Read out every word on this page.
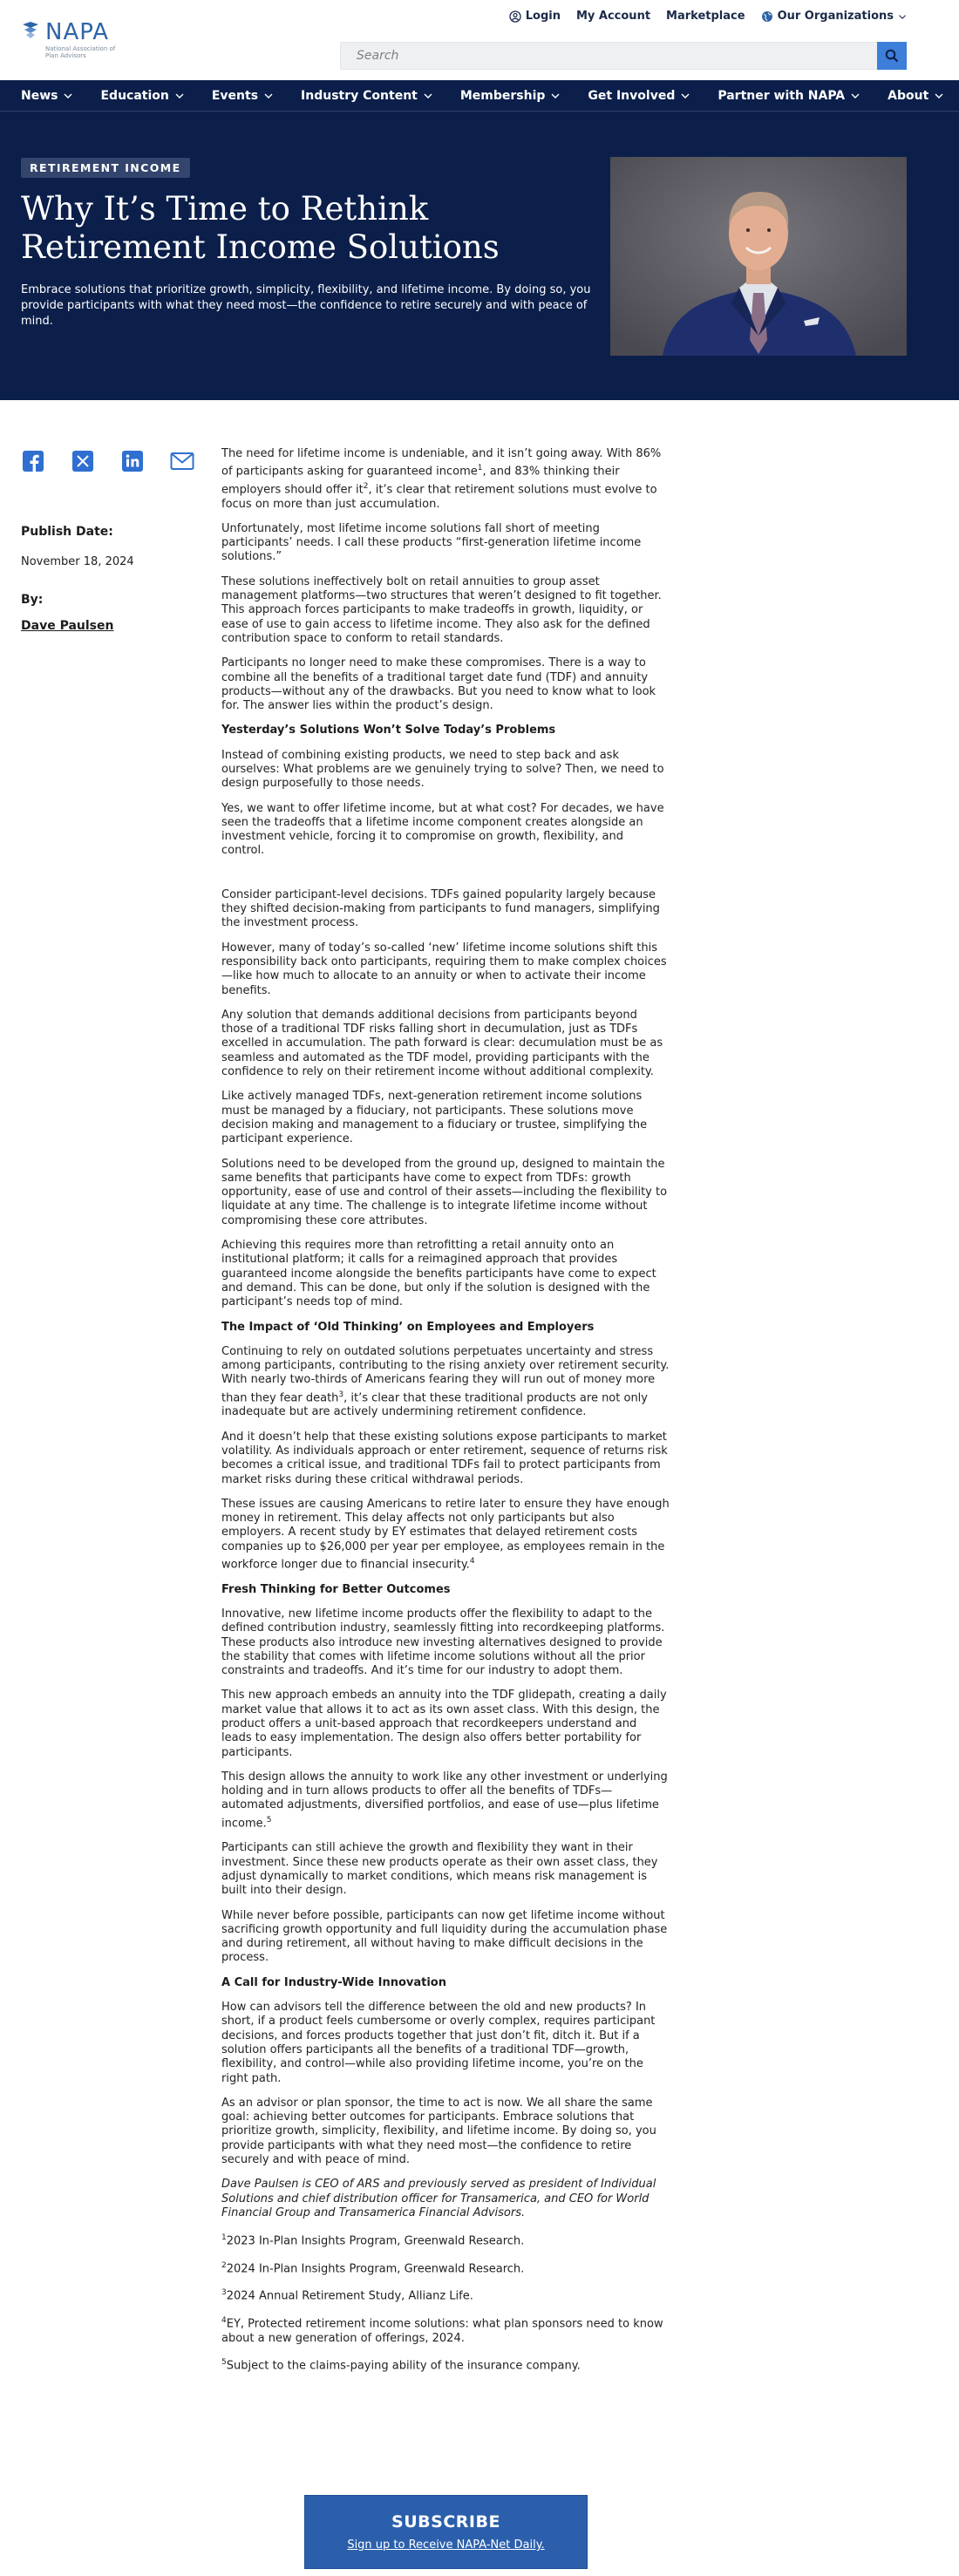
NAPA
National Association of Plan Advisors
Login My Account Marketplace	Our Organizations
Search
News	Education	Events	Industry Content	Membership	Get Involved	Partner with NAPA	About
RETIREMENT INCOME
Why It’s Time to Rethink Retirement Income Solutions

Embrace solutions that prioritize growth, simplicity, flexibility, and lifetime income. By doing so, you provide participants with what they need most—the confidence to retire securely and with peace of mind.

Publish Date:
November 18, 2024
By:
Dave Paulsen

The need for lifetime income is undeniable, and it isn’t going away. With 86% of participants asking for guaranteed income$^1$, and 83% thinking their employers should offer $it^2$, it’s clear that retirement solutions must evolve to focus on more than just accumulation.

Unfortunately, most lifetime income solutions fall short of meeting participants’ needs. I call these products “first-generation lifetime income solutions.”

These solutions ineffectively bolt on retail annuities to group asset management platforms—two structures that weren’t designed to fit together. This approach forces participants to make tradeoffs in growth, liquidity, or ease of use to gain access to lifetime income. They also ask for the defined contribution space to conform to retail standards.

Participants no longer need to make these compromises. There is a way to combine all the benefits of a traditional target date fund (TDF) and annuity products—without any of the drawbacks. But you need to know what to look for. The answer lies within the product’s design.

Yesterday’s Solutions Won’t Solve Today’s Problems

Instead of combining existing products, we need to step back and ask ourselves: What problems are we genuinely trying to solve? Then, we need to design purposefully to those needs.

Yes, we want to offer lifetime income, but at what cost? For decades, we have seen the tradeoffs that a lifetime income component creates alongside an investment vehicle, forcing it to compromise on growth, flexibility, and control.

Consider participant-level decisions. TDFs gained popularity largely because they shifted decision-making from participants to fund managers, simplifying the investment process.

However, many of today’s so-called ‘new’ lifetime income solutions shift this responsibility back onto participants, requiring them to make complex choices—like how much to allocate to an annuity or when to activate their income benefits.

Any solution that demands additional decisions from participants beyond those of a traditional TDF risks falling short in decumulation, just as TDFs excelled in accumulation. The path forward is clear: decumulation must be as seamless and automated as the TDF model, providing participants with the confidence to rely on their retirement income without additional complexity.

Like actively managed TDFs, next-generation retirement income solutions must be managed by a fiduciary, not participants. These solutions move decision making and management to a fiduciary or trustee, simplifying the participant experience.

Solutions need to be developed from the ground up, designed to maintain the same benefits that participants have come to expect from TDFs: growth opportunity, ease of use and control of their assets—including the flexibility to liquidate at any time. The challenge is to integrate lifetime income without compromising these core attributes.

Achieving this requires more than retrofitting a retail annuity onto an institutional platform; it calls for a reimagined approach that provides guaranteed income alongside the benefits participants have come to expect and demand. This can be done, but only if the solution is designed with the participant’s needs top of mind.

The Impact of ‘Old Thinking’ on Employees and Employers

Continuing to rely on outdated solutions perpetuates uncertainty and stress among participants, contributing to the rising anxiety over retirement security. With nearly two-thirds of Americans fearing they will run out of money more than they fear death$^3$, it’s clear that these traditional products are not only inadequate but are actively undermining retirement confidence.

And it doesn’t help that these existing solutions expose participants to market volatility. As individuals approach or enter retirement, sequence of returns risk becomes a critical issue, and traditional TDFs fail to protect participants from market risks during these critical withdrawal periods.

These issues are causing Americans to retire later to ensure they have enough money in retirement. This delay affects not only participants but also employers. A recent study by EY estimates that delayed retirement costs companies up to $26,000 per year per employee, as employees remain in the workforce longer due to financial insecurity.$^4$

Fresh Thinking for Better Outcomes

Innovative, new lifetime income products offer the flexibility to adapt to the defined contribution industry, seamlessly fitting into recordkeeping platforms. These products also introduce new investing alternatives designed to provide the stability that comes with lifetime income solutions without all the prior constraints and tradeoffs. And it’s time for our industry to adopt them.

This new approach embeds an annuity into the TDF glidepath, creating a daily market value that allows it to act as its own asset class. With this design, the product offers a unit-based approach that recordkeepers understand and leads to easy implementation. The design also offers better portability for participants.

This design allows the annuity to work like any other investment or underlying holding and in turn allows products to offer all the benefits of TDFs—automated adjustments, diversified portfolios, and ease of use—plus lifetime income.$^5$

Participants can still achieve the growth and flexibility they want in their investment. Since these new products operate as their own asset class, they adjust dynamically to market conditions, which means risk management is built into their design.

While never before possible, participants can now get lifetime income without sacrificing growth opportunity and full liquidity during the accumulation phase and during retirement, all without having to make difficult decisions in the process.

A Call for Industry-Wide Innovation

How can advisors tell the difference between the old and new products? In short, if a product feels cumbersome or overly complex, requires participant decisions, and forces products together that just don’t fit, ditch it. But if a solution offers participants all the benefits of a traditional TDF—growth, flexibility, and control—while also providing lifetime income, you’re on the right path.

As an advisor or plan sponsor, the time to act is now. We all share the same goal: achieving better outcomes for participants. Embrace solutions that prioritize growth, simplicity, flexibility, and lifetime income. By doing so, you provide participants with what they need most—the confidence to retire securely and with peace of mind.

Dave Paulsen is CEO of ARS and previously served as president of Individual Solutions and chief distribution officer for Transamerica, and CEO for World Financial Group and Transamerica Financial Advisors.

$^1$2023 In-Plan Insights Program, Greenwald Research.

$^2$2024 In-Plan Insights Program, Greenwald Research.

$^3$2024 Annual Retirement Study, Allianz Life.

$^4$EY, Protected retirement income solutions: what plan sponsors need to know about a new generation of offerings, 2024.

$^5$Subject to the claims-paying ability of the insurance company.

SUBSCRIBE
Sign up to Receive NAPA-Net Daily.
